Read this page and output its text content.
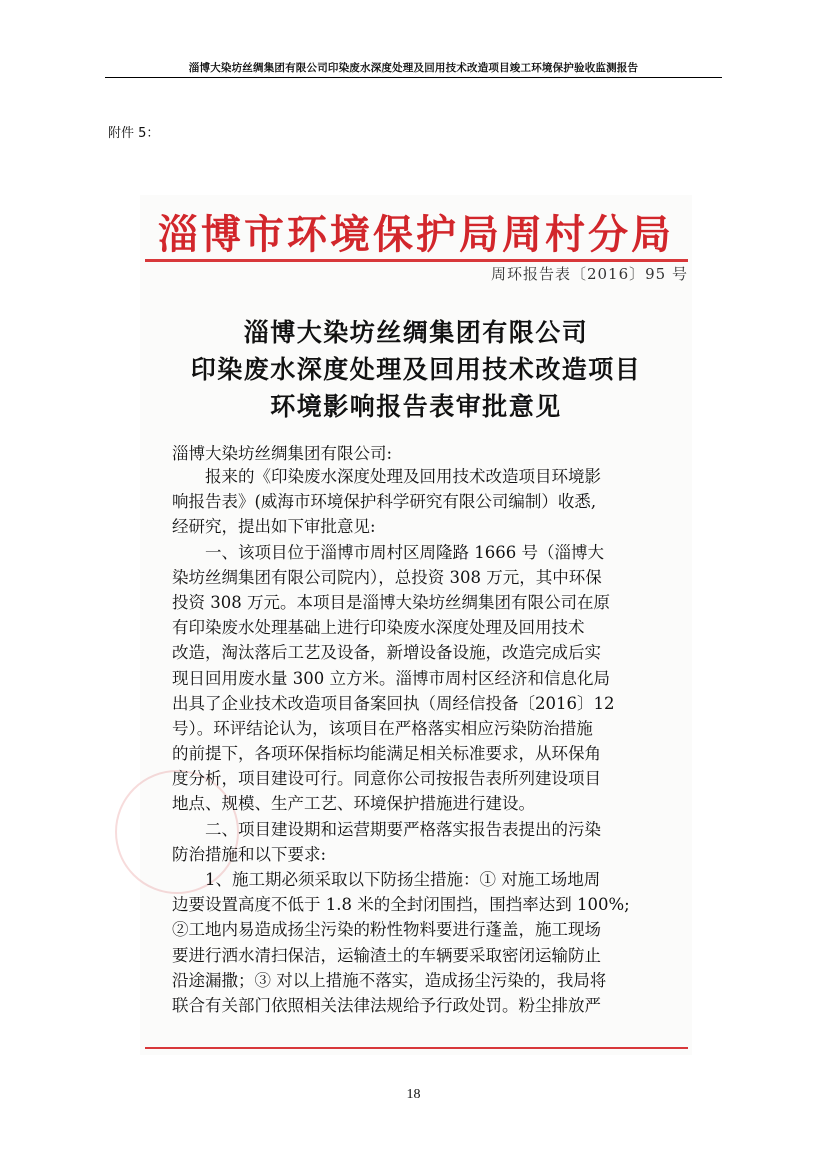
淄博大染坊丝绸集团有限公司印染废水深度处理及回用技术改造项目竣工环境保护验收监测报告
附件 5：
淄博市环境保护局周村分局
周环报告表〔2016〕95 号
淄博大染坊丝绸集团有限公司
印染废水深度处理及回用技术改造项目
环境影响报告表审批意见
淄博大染坊丝绸集团有限公司:
　　报来的《印染废水深度处理及回用技术改造项目环境影
响报告表》(威海市环境保护科学研究有限公司编制）收悉,
经研究，提出如下审批意见:
　　一、该项目位于淄博市周村区周隆路 1666 号（淄博大
染坊丝绸集团有限公司院内），总投资 308 万元，其中环保
投资 308 万元。本项目是淄博大染坊丝绸集团有限公司在原
有印染废水处理基础上进行印染废水深度处理及回用技术
改造，淘汰落后工艺及设备，新增设备设施，改造完成后实
现日回用废水量 300 立方米。淄博市周村区经济和信息化局
出具了企业技术改造项目备案回执（周经信投备〔2016〕12
号）。环评结论认为，该项目在严格落实相应污染防治措施
的前提下，各项环保指标均能满足相关标准要求，从环保角
度分析，项目建设可行。同意你公司按报告表所列建设项目
地点、规模、生产工艺、环境保护措施进行建设。
　　二、项目建设期和运营期要严格落实报告表提出的污染
防治措施和以下要求:
　　1、施工期必须采取以下防扬尘措施：① 对施工场地周
边要设置高度不低于 1.8 米的全封闭围挡，围挡率达到 100%;
②工地内易造成扬尘污染的粉性物料要进行蓬盖，施工现场
要进行洒水清扫保洁，运输渣土的车辆要采取密闭运输防止
沿途漏撒；③ 对以上措施不落实，造成扬尘污染的，我局将
联合有关部门依照相关法律法规给予行政处罚。粉尘排放严
18
